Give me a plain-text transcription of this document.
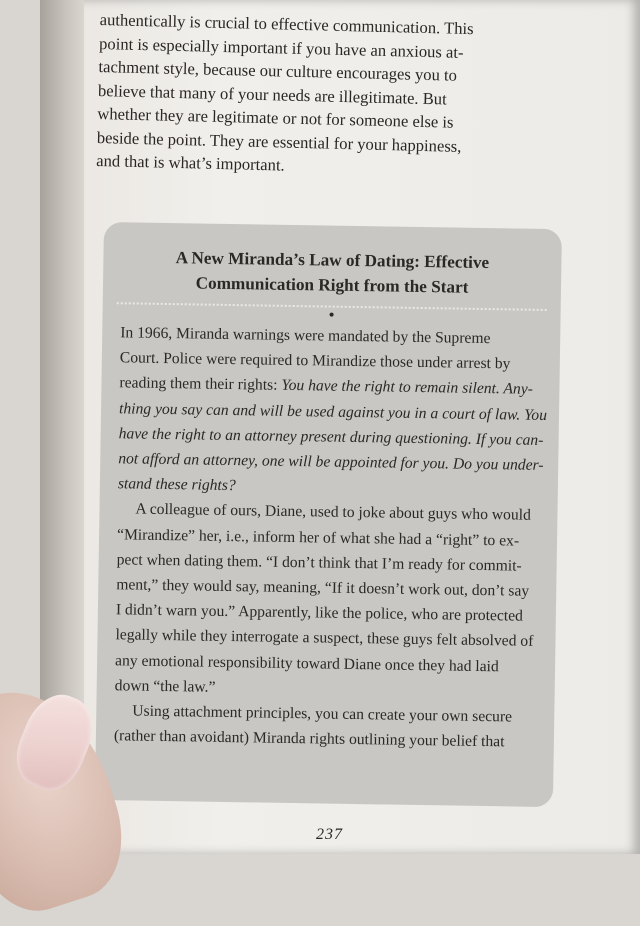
authentically is crucial to effective communication. This
point is especially important if you have an anxious at-
tachment style, because our culture encourages you to
believe that many of your needs are illegitimate. But
whether they are legitimate or not for someone else is
beside the point. They are essential for your happiness,
and that is what’s important.
A New Miranda’s Law of Dating: Effective
Communication Right from the Start
In 1966, Miranda warnings were mandated by the Supreme
Court. Police were required to Mirandize those under arrest by
reading them their rights: You have the right to remain silent. Any-
thing you say can and will be used against you in a court of law. You
have the right to an attorney present during questioning. If you can-
not afford an attorney, one will be appointed for you. Do you under-
stand these rights?
A colleague of ours, Diane, used to joke about guys who would
“Mirandize” her, i.e., inform her of what she had a “right” to ex-
pect when dating them. “I don’t think that I’m ready for commit-
ment,” they would say, meaning, “If it doesn’t work out, don’t say
I didn’t warn you.” Apparently, like the police, who are protected
legally while they interrogate a suspect, these guys felt absolved of
any emotional responsibility toward Diane once they had laid
down “the law.”
Using attachment principles, you can create your own secure
(rather than avoidant) Miranda rights outlining your belief that
237
